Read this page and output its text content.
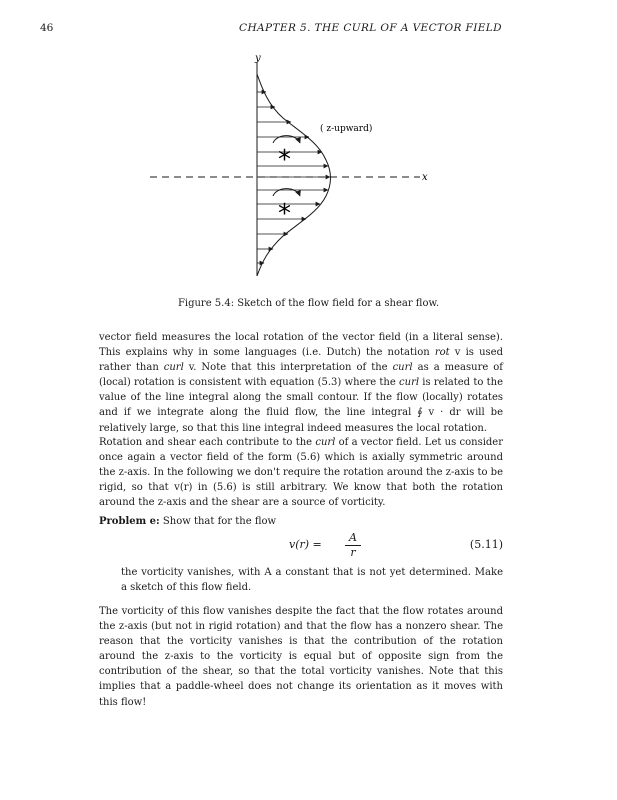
46	CHAPTER 5. THE CURL OF A VECTOR FIELD
y
x
( z-upward)
*
*
Figure 5.4: Sketch of the flow field for a shear flow.

vector field measures the local rotation of the vector field (in a literal sense). This explains why in some languages (i.e. Dutch) the notation rot v is used rather than curl v. Note that this interpretation of the curl as a measure of (local) rotation is consistent with equation (5.3) where the curl is related to the value of the line integral along the small contour. If the flow (locally) rotates and if we integrate along the fluid flow, the line integral ∮ v · dr will be relatively large, so that this line integral indeed measures the local rotation.

Rotation and shear each contribute to the curl of a vector field. Let us consider once again a vector field of the form (5.6) which is axially symmetric around the z-axis. In the following we don't require the rotation around the z-axis to be rigid, so that v(r) in (5.6) is still arbitrary. We know that both the rotation around the z-axis and the shear are a source of vorticity.

Problem e: Show that for the flow

$v(r) = \frac{A}{r}$	(5.11)

the vorticity vanishes, with A a constant that is not yet determined. Make a sketch of this flow field.

The vorticity of this flow vanishes despite the fact that the flow rotates around the z-axis (but not in rigid rotation) and that the flow has a nonzero shear. The reason that the vorticity vanishes is that the contribution of the rotation around the z-axis to the vorticity is equal but of opposite sign from the contribution of the shear, so that the total vorticity vanishes. Note that this implies that a paddle-wheel does not change its orientation as it moves with this flow!
